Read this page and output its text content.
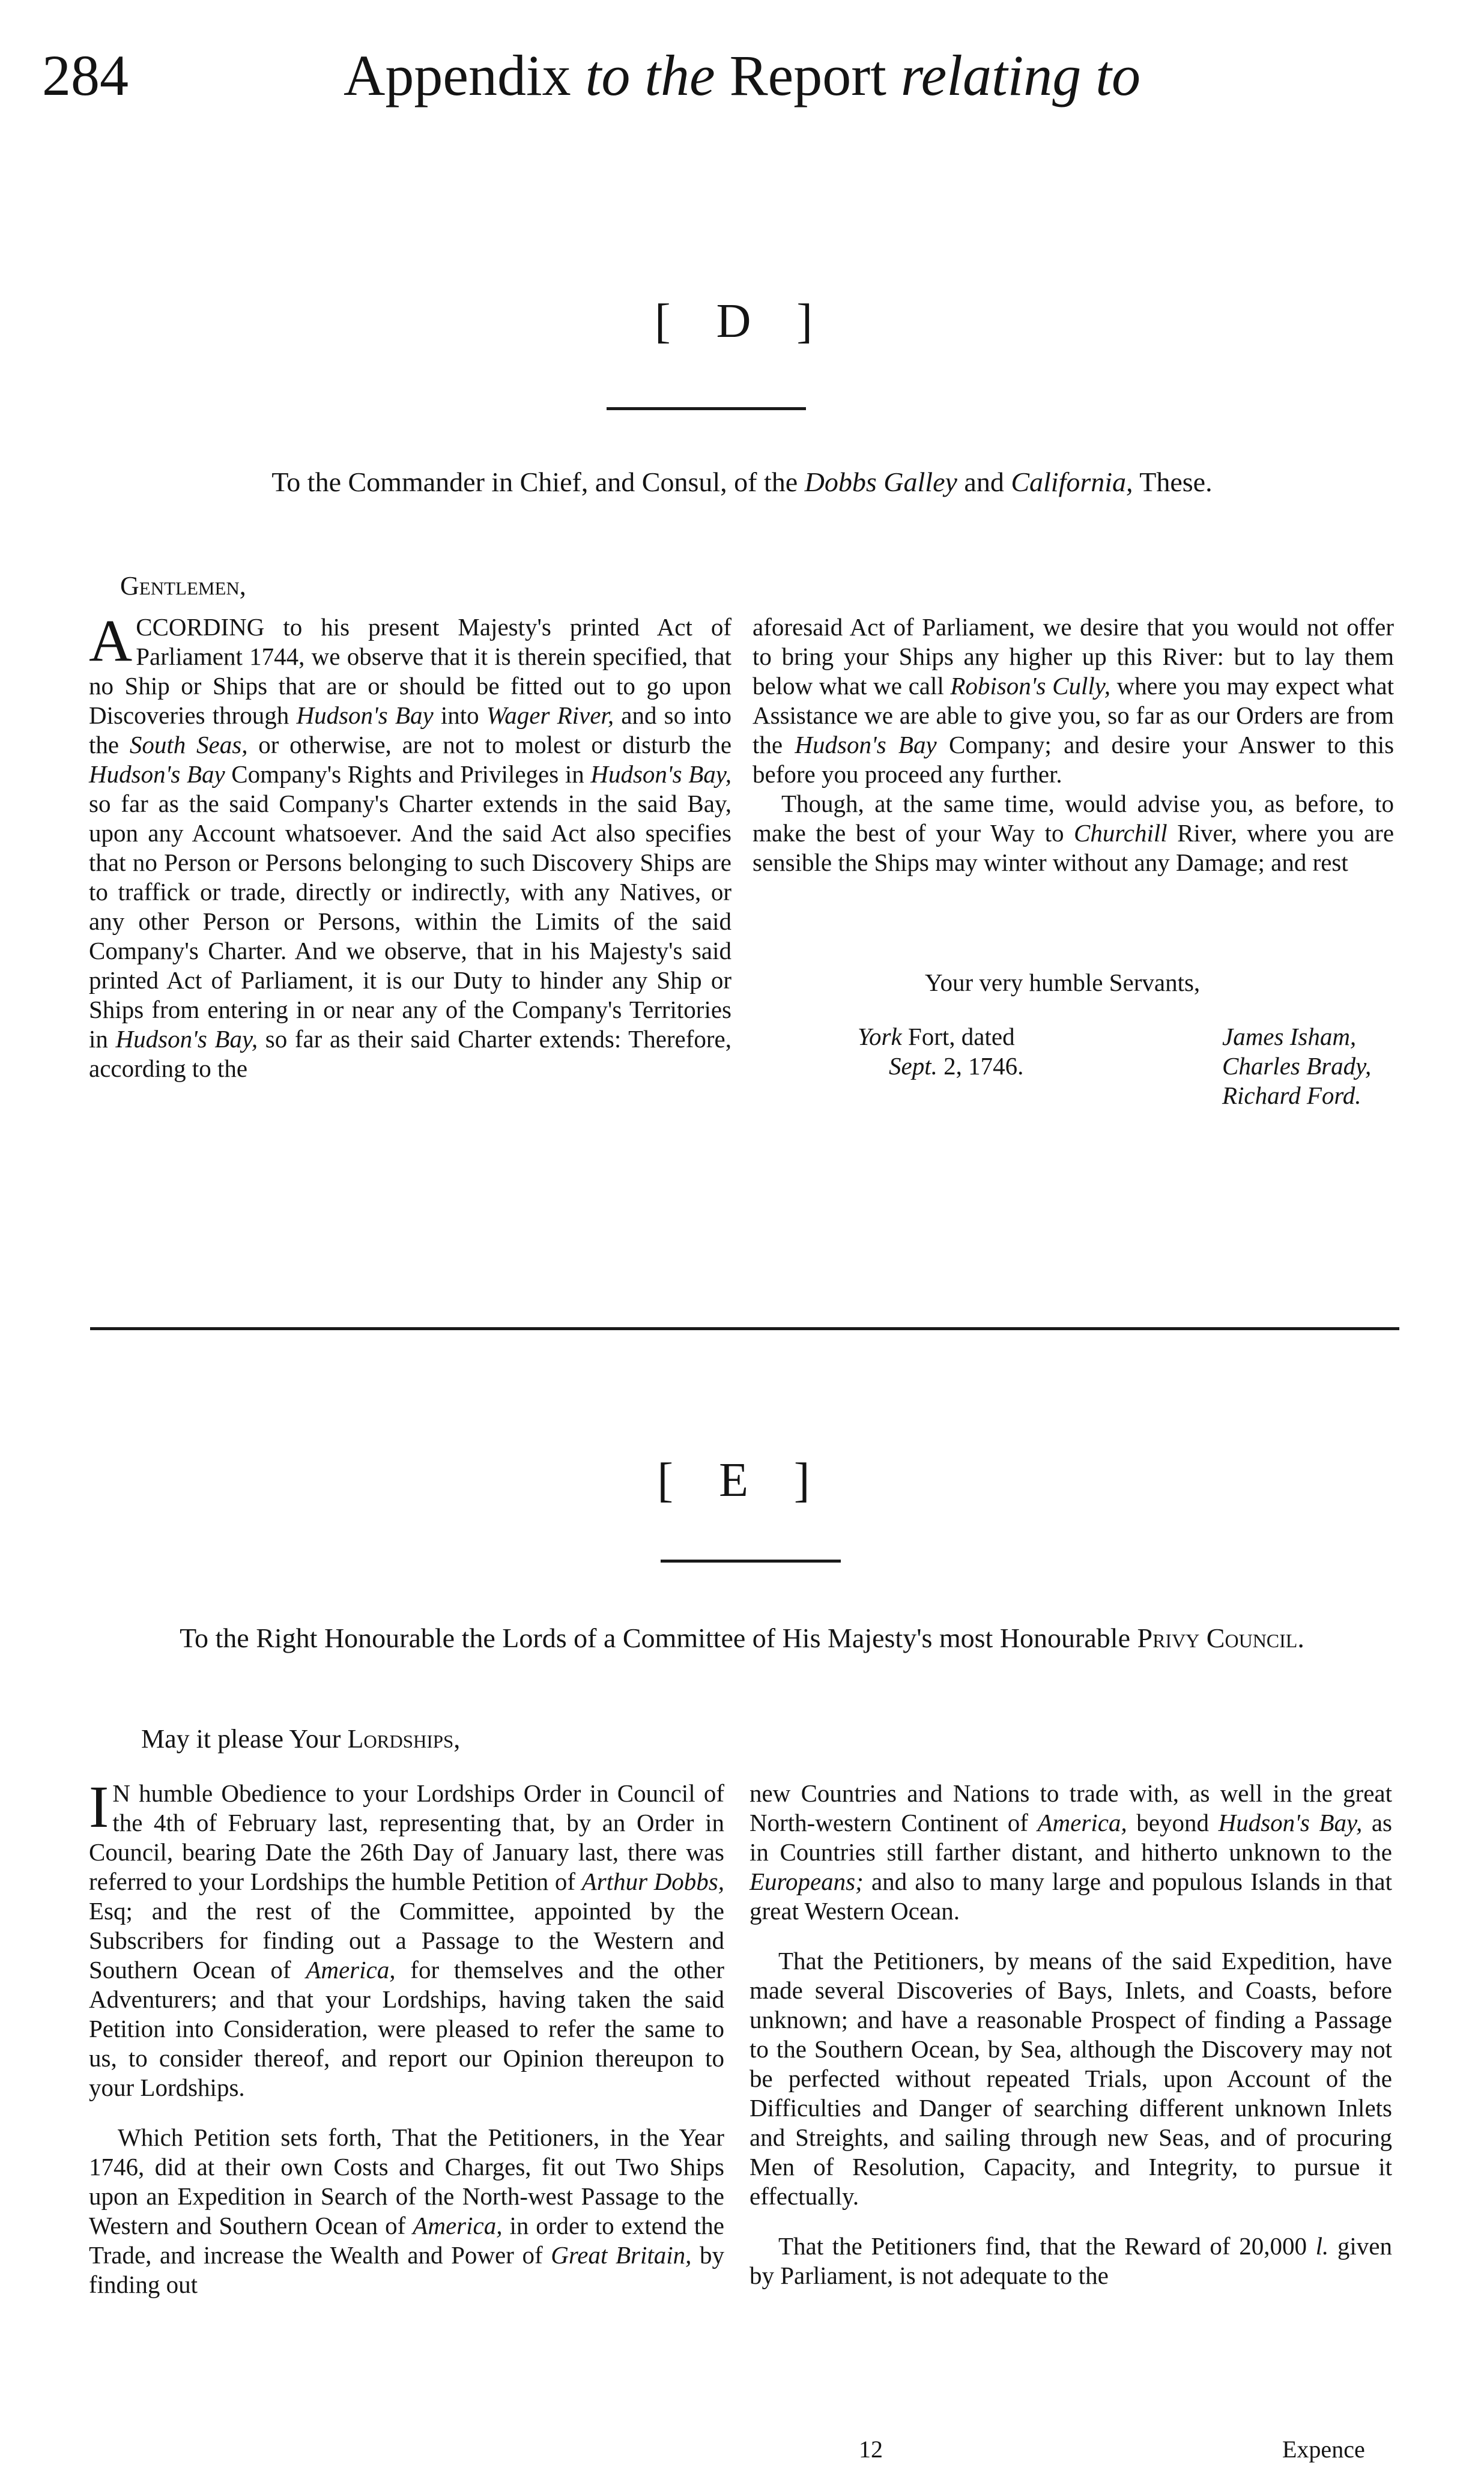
284	Appendix to the Report relating to
[ D ]
To the Commander in Chief, and Consul, of the Dobbs Galley and California, These.
Gentlemen,

A CCORDING to his present Majesty's printed Act of Parliament 1744, we observe that it is therein specified, that no Ship or Ships that are or should be fitted out to go upon Discoveries through Hudson's Bay into Wager River, and so into the South Seas, or otherwise, are not to molest or disturb the Hudson's Bay Company's Rights and Privileges in Hudson's Bay, so far as the said Company's Charter extends in the said Bay, upon any Account whatsoever. And the said Act also specifies that no Person or Persons belonging to such Discovery Ships are to traffick or trade, directly or indirectly, with any Natives, or any other Person or Persons, within the Limits of the said Company's Charter. And we observe, that in his Majesty's said printed Act of Parliament, it is our Duty to hinder any Ship or Ships from entering in or near any of the Company's Territories in Hudson's Bay, so far as their said Charter extends: Therefore, according to the

aforesaid Act of Parliament, we desire that you would not offer to bring your Ships any higher up this River: but to lay them below what we call Robison's Cully, where you may expect what Assistance we are able to give you, so far as our Orders are from the Hudson's Bay Company; and desire your Answer to this before you proceed any further.

Though, at the same time, would advise you, as before, to make the best of your Way to Churchill River, where you are sensible the Ships may winter without any Damage; and rest

Your very humble Servants,
York Fort, dated
Sept. 2, 1746.
James Isham,
Charles Brady,
Richard Ford.
[ E ]
To the Right Honourable the Lords of a Committee of His Majesty's most Honourable Privy Council.
May it please Your Lordships,

I N humble Obedience to your Lordships Order in Council of the 4th of February last, representing that, by an Order in Council, bearing Date the 26th Day of January last, there was referred to your Lordships the humble Petition of Arthur Dobbs, Esq; and the rest of the Committee, appointed by the Subscribers for finding out a Passage to the Western and Southern Ocean of America, for themselves and the other Adventurers; and that your Lordships, having taken the said Petition into Consideration, were pleased to refer the same to us, to consider thereof, and report our Opinion thereupon to your Lordships.

Which Petition sets forth, That the Petitioners, in the Year 1746, did at their own Costs and Charges, fit out Two Ships upon an Expedition in Search of the North-west Passage to the Western and Southern Ocean of America, in order to extend the Trade, and increase the Wealth and Power of Great Britain, by finding out

new Countries and Nations to trade with, as well in the great North-western Continent of America, beyond Hudson's Bay, as in Countries still farther distant, and hitherto unknown to the Europeans; and also to many large and populous Islands in that great Western Ocean.

That the Petitioners, by means of the said Expedition, have made several Discoveries of Bays, Inlets, and Coasts, before unknown; and have a reasonable Prospect of finding a Passage to the Southern Ocean, by Sea, although the Discovery may not be perfected without repeated Trials, upon Account of the Difficulties and Danger of searching different unknown Inlets and Streights, and sailing through new Seas, and of procuring Men of Resolution, Capacity, and Integrity, to pursue it effectually.

That the Petitioners find, that the Reward of 20,000 l. given by Parliament, is not adequate to the

12	Expence
